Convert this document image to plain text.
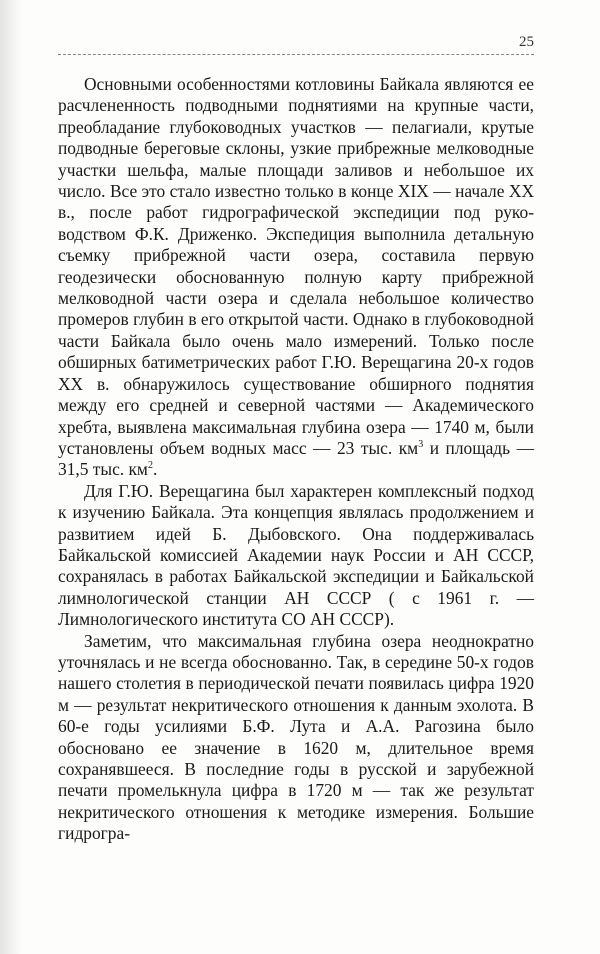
25

Основными особенностями котловины Байкала являются ее расчлененность подводными поднятиями на крупные части, преобладание глубоководных участков — пелагиали, крутые подводные береговые склоны, узкие прибрежные мелководные участки шельфа, малые площади заливов и небольшое их число. Все это стало известно только в конце XIX — начале XX в., после работ гидрографической экспедиции под руководством Ф.К. Дриженко. Экспедиция выполнила детальную съемку прибрежной части озера, составила первую геодезически обоснованную полную карту прибрежной мелководной части озера и сделала небольшое количество промеров глубин в его открытой части. Однако в глубоководной части Байкала было очень мало измерений. Только после обширных батиметрических работ Г.Ю. Верещагина 20-х годов XX в. обнаружилось существование обширного поднятия между его средней и северной частями — Академического хребта, выявлена максимальная глубина озера — 1740 м, были установлены объем водных масс — 23 тыс. $км^3$ и площадь — 31,5 тыс. $км^2$.

Для Г.Ю. Верещагина был характерен комплексный подход к изучению Байкала. Эта концепция являлась продолжением и развитием идей Б. Дыбовского. Она поддерживалась Байкальской комиссией Академии наук России и АН СССР, сохранялась в работах Байкальской экспедиции и Байкальской лимнологической станции АН СССР ( с 1961 г. — Лимнологического института СО АН СССР).

Заметим, что максимальная глубина озера неоднократно уточнялась и не всегда обоснованно. Так, в середине 50-х годов нашего столетия в периодической печати появилась цифра 1920 м — результат некритического отношения к данным эхолота. В 60-е годы усилиями Б.Ф. Лута и А.А. Рагозина было обосновано ее значение в 1620 м, длительное время сохранявшееся. В последние годы в русской и зарубежной печати промелькнула цифра в 1720 м — так же результат некритического отношения к методике измерения. Большие гидрогра-
